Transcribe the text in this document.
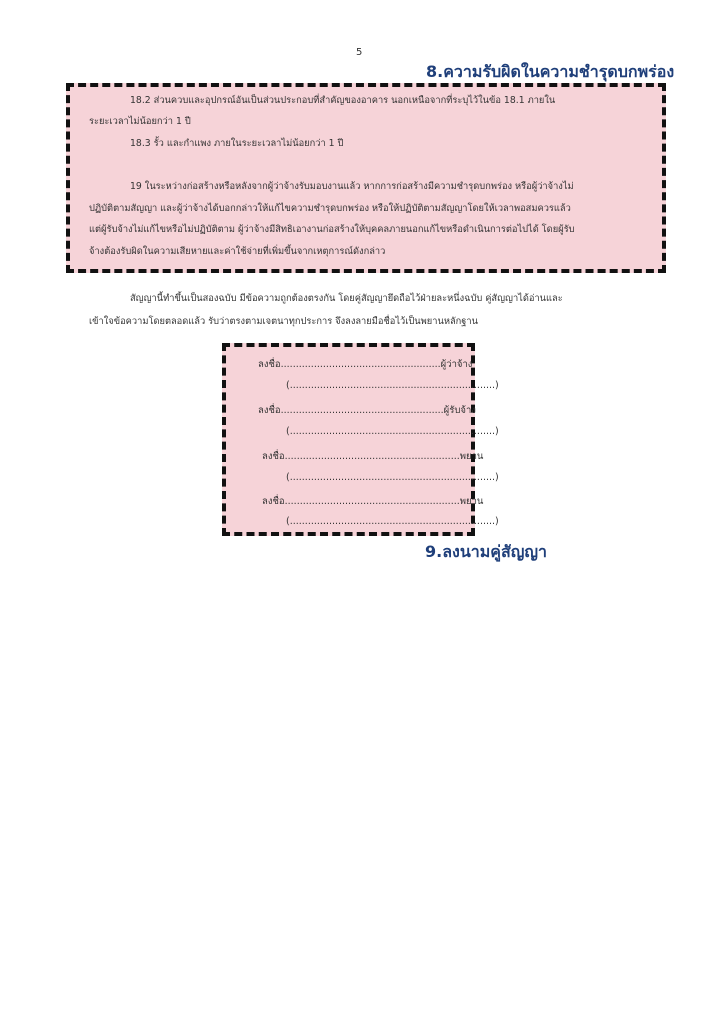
5
8.ความรับผิดในความชำรุดบกพร่อง
18.2 ส่วนควบและอุปกรณ์อันเป็นส่วนประกอบที่สำคัญของอาคาร นอกเหนือจากที่ระบุไว้ในข้อ 18.1 ภายใน
ระยะเวลาไม่น้อยกว่า 1 ปี
18.3 รั้ว และกำแพง ภายในระยะเวลาไม่น้อยกว่า 1 ปี
19 ในระหว่างก่อสร้างหรือหลังจากผู้ว่าจ้างรับมอบงานแล้ว หากการก่อสร้างมีความชำรุดบกพร่อง หรือผู้ว่าจ้างไม่
ปฏิบัติตามสัญญา และผู้ว่าจ้างได้บอกกล่าวให้แก้ไขความชำรุดบกพร่อง หรือให้ปฏิบัติตามสัญญาโดยให้เวลาพอสมควรแล้ว
แต่ผู้รับจ้างไม่แก้ไขหรือไม่ปฏิบัติตาม ผู้ว่าจ้างมีสิทธิเอางานก่อสร้างให้บุคคลภายนอกแก้ไขหรือดำเนินการต่อไปได้ โดยผู้รับ
จ้างต้องรับผิดในความเสียหายและค่าใช้จ่ายที่เพิ่มขึ้นจากเหตุการณ์ดังกล่าว
สัญญานี้ทำขึ้นเป็นสองฉบับ มีข้อความถูกต้องตรงกัน โดยคู่สัญญายึดถือไว้ฝ่ายละหนึ่งฉบับ คู่สัญญาได้อ่านและ
เข้าใจข้อความโดยตลอดแล้ว รับว่าตรงตามเจตนาทุกประการ จึงลงลายมือชื่อไว้เป็นพยานหลักฐาน
ลงชื่อ.....................................................ผู้ว่าจ้าง
(....................................................................)
ลงชื่อ......................................................ผู้รับจ้าง
(....................................................................)
ลงชื่อ..........................................................พยาน
(....................................................................)
ลงชื่อ..........................................................พยาน
(....................................................................)
9.ลงนามคู่สัญญา
